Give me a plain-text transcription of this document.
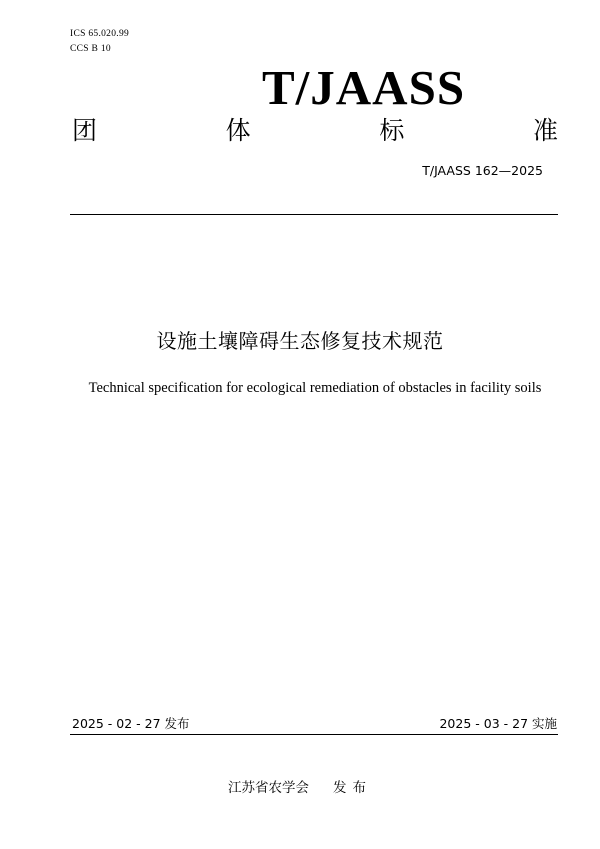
ICS 65.020.99
CCS B 10
T/JAASS
团	体	标	准
T/JAASS 162—2025
设施土壤障碍生态修复技术规范
Technical specification for ecological remediation of obstacles in facility soils
2025 - 02 - 27 发布	2025 - 03 - 27 实施
江苏省农学会 发布
